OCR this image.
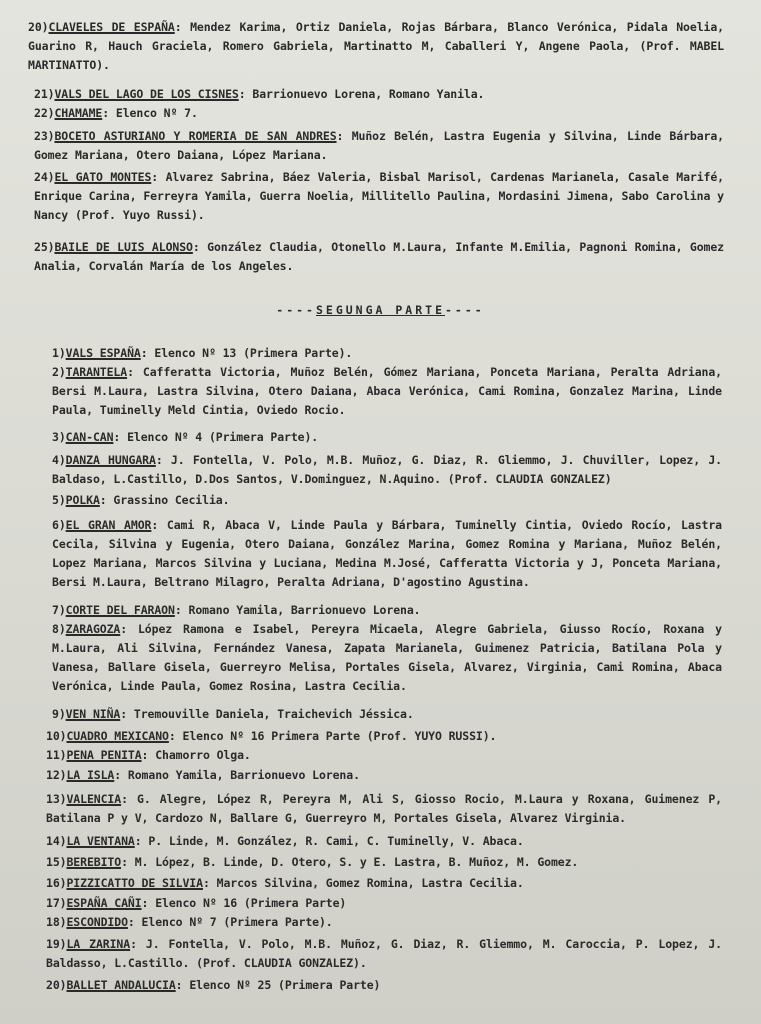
20)CLAVELES DE ESPAÑA: Mendez Karima, Ortiz Daniela, Rojas Bárbara, Blanco Verónica, Pidala Noelia, Guarino R, Hauch Graciela, Romero Gabriela, Martinatto M, Caballeri Y, Angene Paola, (Prof. MABEL MARTINATTO).
21)VALS DEL LAGO DE LOS CISNES: Barrionuevo Lorena, Romano Yanila.
22)CHAMAME: Elenco Nº 7.
23)BOCETO ASTURIANO Y ROMERIA DE SAN ANDRES: Muñoz Belén, Lastra Eugenia y Silvina, Linde Bárbara, Gomez Mariana, Otero Daiana, López Mariana.
24)EL GATO MONTES: Alvarez Sabrina, Báez Valeria, Bisbal Marisol, Cardenas Marianela, Casale Marifé, Enrique Carina, Ferreyra Yamila, Guerra Noelia, Millitello Paulina, Mordasini Jimena, Sabo Carolina y Nancy (Prof. Yuyo Russi).
25)BAILE DE LUIS ALONSO: González Claudia, Otonello M.Laura, Infante M.Emilia, Pagnoni Romina, Gomez Analia, Corvalán María de los Angeles.
----SEGUNGA PARTE----
1)VALS ESPAÑA: Elenco Nº 13 (Primera Parte).
2)TARANTELA: Cafferatta Victoria, Muñoz Belén, Gómez Mariana, Ponceta Mariana, Peralta Adriana, Bersi M.Laura, Lastra Silvina, Otero Daiana, Abaca Verónica, Cami Romina, Gonzalez Marina, Linde Paula, Tuminelly Meld Cintia, Oviedo Rocio.
3)CAN-CAN: Elenco Nº 4 (Primera Parte).
4)DANZA HUNGARA: J. Fontella, V. Polo, M.B. Muñoz, G. Diaz, R. Gliemmo, J. Chuviller, Lopez, J. Baldaso, L.Castillo, D.Dos Santos, V.Dominguez, N.Aquino. (Prof. CLAUDIA GONZALEZ)
5)POLKA: Grassino Cecilia.
6)EL GRAN AMOR: Cami R, Abaca V, Linde Paula y Bárbara, Tuminelly Cintia, Oviedo Rocío, Lastra Cecila, Silvina y Eugenia, Otero Daiana, González Marina, Gomez Romina y Mariana, Muñoz Belén, Lopez Mariana, Marcos Silvina y Luciana, Medina M.José, Cafferatta Victoria y J, Ponceta Mariana, Bersi M.Laura, Beltrano Milagro, Peralta Adriana, D'agostino Agustina.
7)CORTE DEL FARAON: Romano Yamila, Barrionuevo Lorena.
8)ZARAGOZA: López Ramona e Isabel, Pereyra Micaela, Alegre Gabriela, Giusso Rocío, Roxana y M.Laura, Ali Silvina, Fernández Vanesa, Zapata Marianela, Guimenez Patricia, Batilana Pola y Vanesa, Ballare Gisela, Guerreyro Melisa, Portales Gisela, Alvarez, Virginia, Cami Romina, Abaca Verónica, Linde Paula, Gomez Rosina, Lastra Cecilia.
9)VEN NIÑA: Tremouville Daniela, Traichevich Jéssica.
10)CUADRO MEXICANO: Elenco Nº 16 Primera Parte (Prof. YUYO RUSSI).
11)PENA PENITA: Chamorro Olga.
12)LA ISLA: Romano Yamila, Barrionuevo Lorena.
13)VALENCIA: G. Alegre, López R, Pereyra M, Ali S, Giosso Rocio, M.Laura y Roxana, Guimenez P, Batilana P y V, Cardozo N, Ballare G, Guerreyro M, Portales Gisela, Alvarez Virginia.
14)LA VENTANA: P. Linde, M. González, R. Cami, C. Tuminelly, V. Abaca.
15)BEREBITO: M. López, B. Linde, D. Otero, S. y E. Lastra, B. Muñoz, M. Gomez.
16)PIZZICATTO DE SILVIA: Marcos Silvina, Gomez Romina, Lastra Cecilia.
17)ESPAÑA CAÑI: Elenco Nº 16 (Primera Parte)
18)ESCONDIDO: Elenco Nº 7 (Primera Parte).
19)LA ZARINA: J. Fontella, V. Polo, M.B. Muñoz, G. Diaz, R. Gliemmo, M. Caroccia, P. Lopez, J. Baldasso, L.Castillo. (Prof. CLAUDIA GONZALEZ).
20)BALLET ANDALUCIA: Elenco Nº 25 (Primera Parte)
